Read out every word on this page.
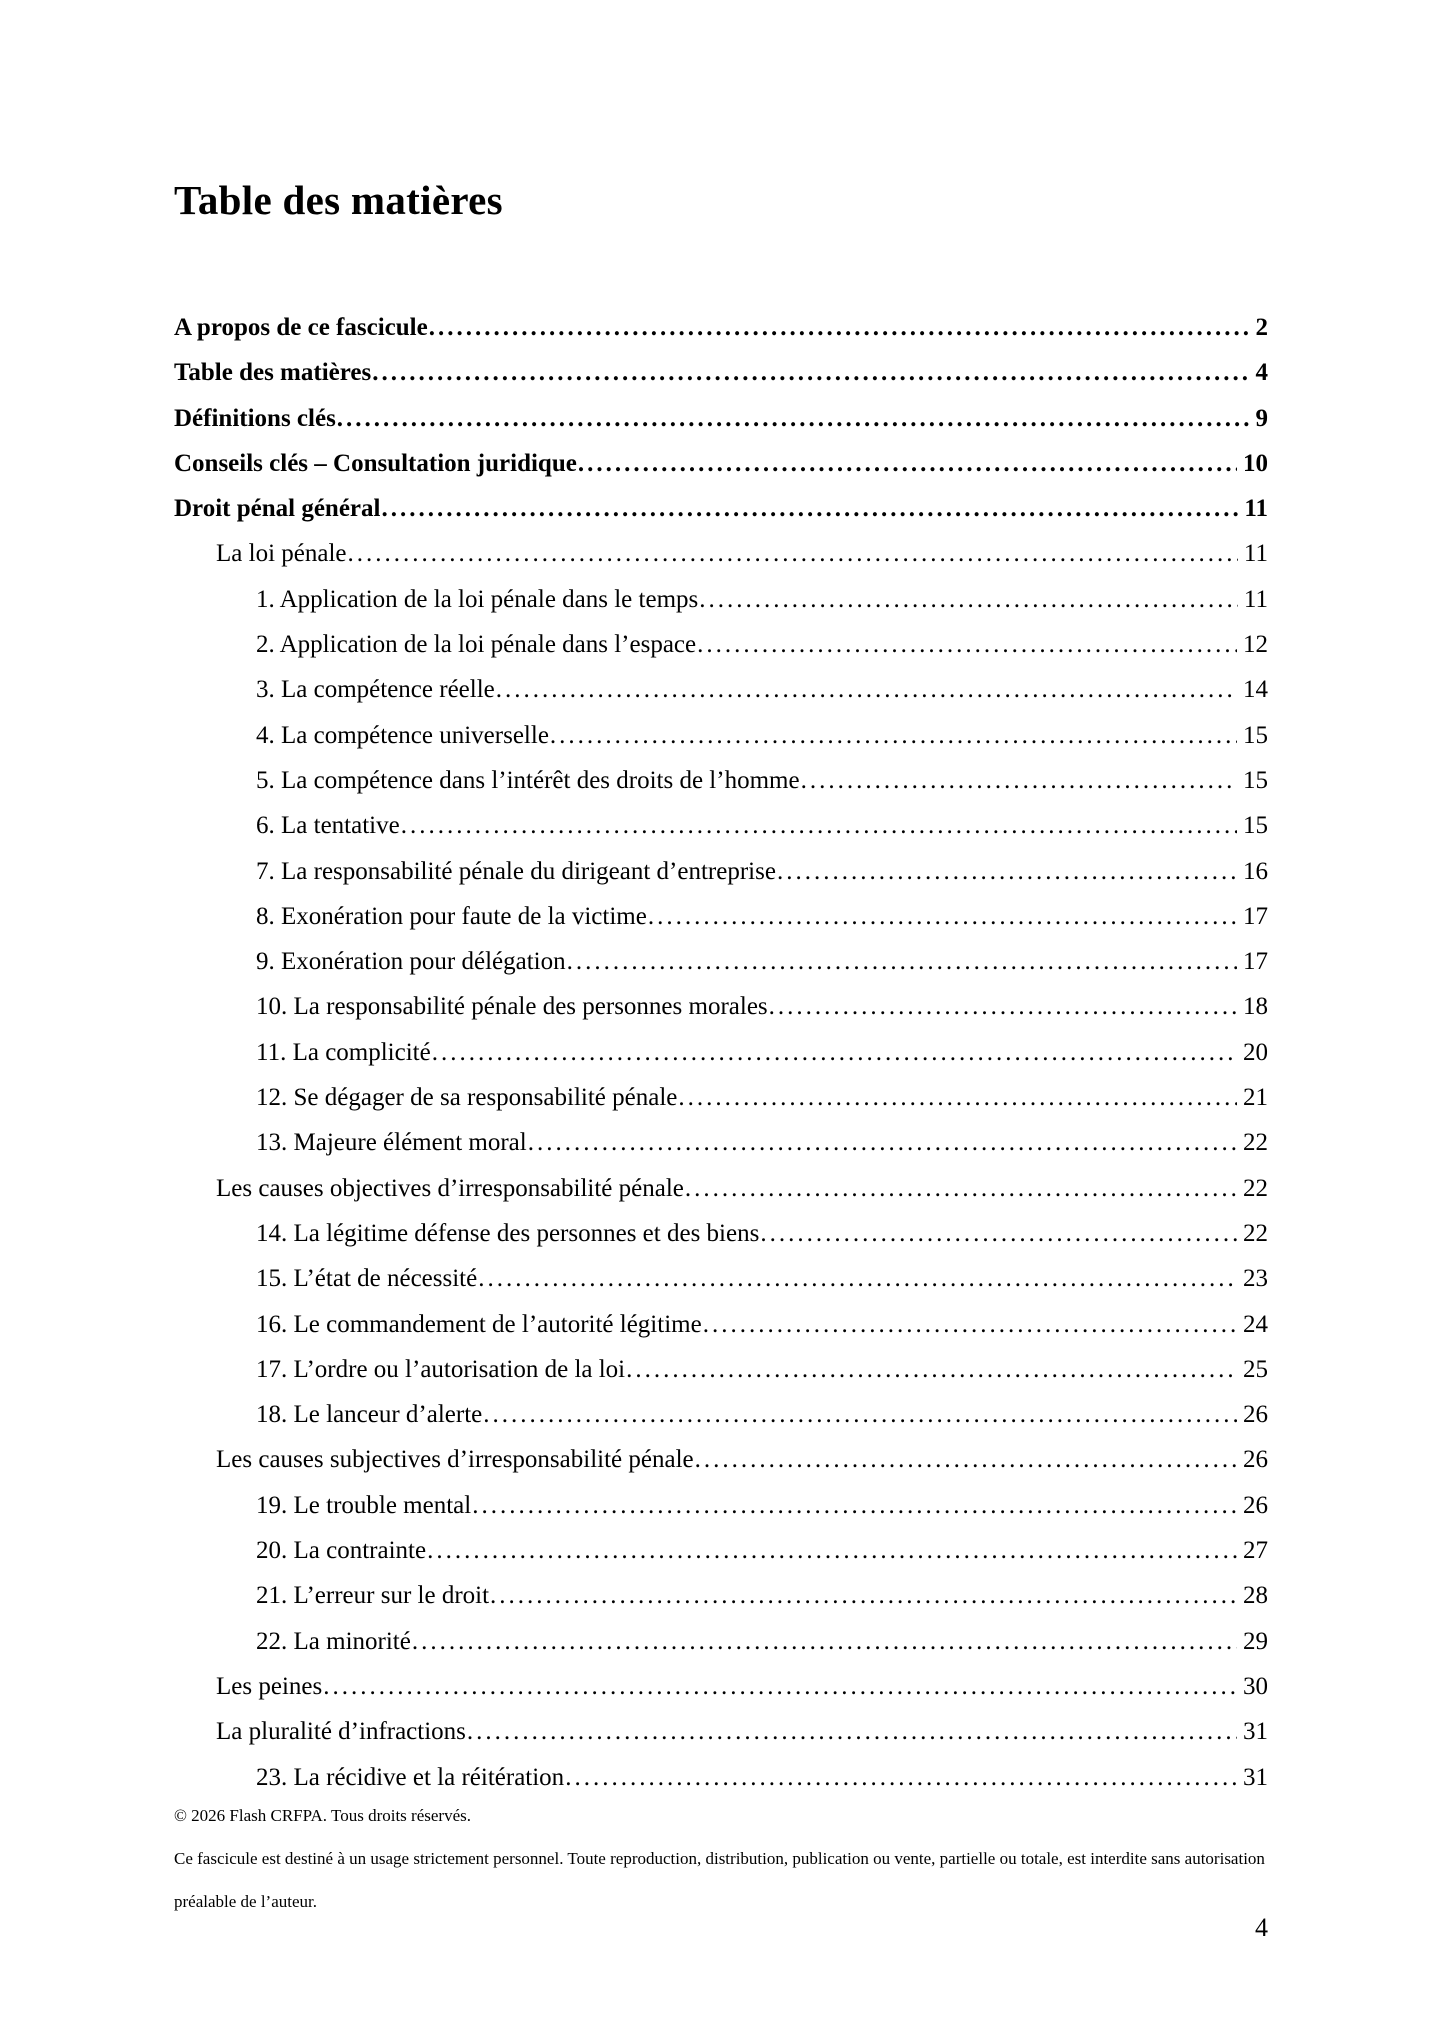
Table des matières
A propos de ce fascicule .....	2
Table des matières .....	4
Définitions clés .....	9
Conseils clés – Consultation juridique .....	10
Droit pénal général .....	11
La loi pénale .....	11
1. Application de la loi pénale dans le temps .....	11
2. Application de la loi pénale dans l’espace .....	12
3. La compétence réelle .....	14
4. La compétence universelle .....	15
5. La compétence dans l’intérêt des droits de l’homme .....	15
6. La tentative .....	15
7. La responsabilité pénale du dirigeant d’entreprise .....	16
8. Exonération pour faute de la victime .....	17
9. Exonération pour délégation .....	17
10. La responsabilité pénale des personnes morales .....	18
11. La complicité .....	20
12. Se dégager de sa responsabilité pénale .....	21
13. Majeure élément moral .....	22
Les causes objectives d’irresponsabilité pénale .....	22
14. La légitime défense des personnes et des biens .....	22
15. L’état de nécessité .....	23
16. Le commandement de l’autorité légitime .....	24
17. L’ordre ou l’autorisation de la loi .....	25
18. Le lanceur d’alerte .....	26
Les causes subjectives d’irresponsabilité pénale .....	26
19. Le trouble mental .....	26
20. La contrainte .....	27
21. L’erreur sur le droit .....	28
22. La minorité .....	29
Les peines .....	30
La pluralité d’infractions .....	31
23. La récidive et la réitération .....	31

© 2026 Flash CRFPA. Tous droits réservés.

Ce fascicule est destiné à un usage strictement personnel. Toute reproduction, distribution, publication ou vente, partielle ou totale, est interdite sans autorisation préalable de l’auteur.

4
